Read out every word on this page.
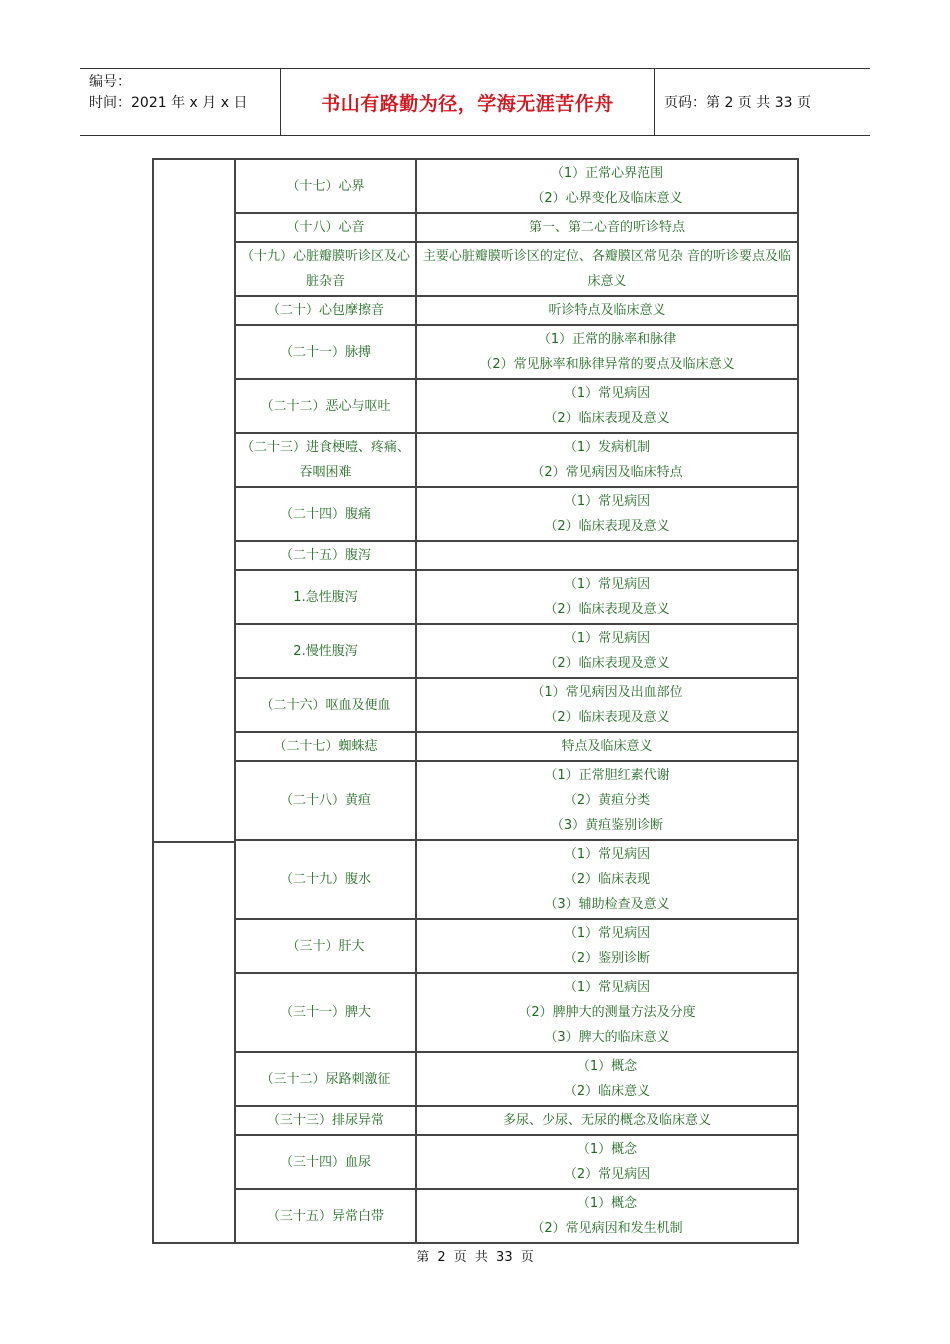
编号：
时间：2021 年 x 月 x 日	书山有路勤为径，学海无涯苦作舟	页码：第 2 页 共 33 页
	（十七）心界	（1）正常心界范围
（2）心界变化及临床意义

	（十八）心音	第一、第二心音的听诊特点

	（十九）心脏瓣膜听诊区及心脏杂音	主要心脏瓣膜听诊区的定位、各瓣膜区常见杂 音的听诊要点及临床意义

	（二十）心包摩擦音	听诊特点及临床意义

	（二十一）脉搏	（1）正常的脉率和脉律
（2）常见脉率和脉律异常的要点及临床意义

	（二十二）恶心与呕吐	（1）常见病因
（2）临床表现及意义

	（二十三）进食梗噎、疼痛、吞咽困难	（1）发病机制
（2）常见病因及临床特点

	（二十四）腹痛	（1）常见病因
（2）临床表现及意义

	（二十五）腹泻	
	1.急性腹泻	（1）常见病因
（2）临床表现及意义

	2.慢性腹泻	（1）常见病因
（2）临床表现及意义

	（二十六）呕血及便血	（1）常见病因及出血部位
（2）临床表现及意义

	（二十七）蜘蛛痣	特点及临床意义

	（二十八）黄疸	（1）正常胆红素代谢
（2）黄疸分类
（3）黄疸鉴别诊断

	（二十九）腹水	（1）常见病因
（2）临床表现
（3）辅助检查及意义

	（三十）肝大	（1）常见病因
（2）鉴别诊断

	（三十一）脾大	（1）常见病因
（2）脾肿大的测量方法及分度
（3）脾大的临床意义

	（三十二）尿路刺激征	（1）概念
（2）临床意义

	（三十三）排尿异常	多尿、少尿、无尿的概念及临床意义

	（三十四）血尿	（1）概念
（2）常见病因

	（三十五）异常白带	（1）概念
（2）常见病因和发生机制
第 2 页 共 33 页
